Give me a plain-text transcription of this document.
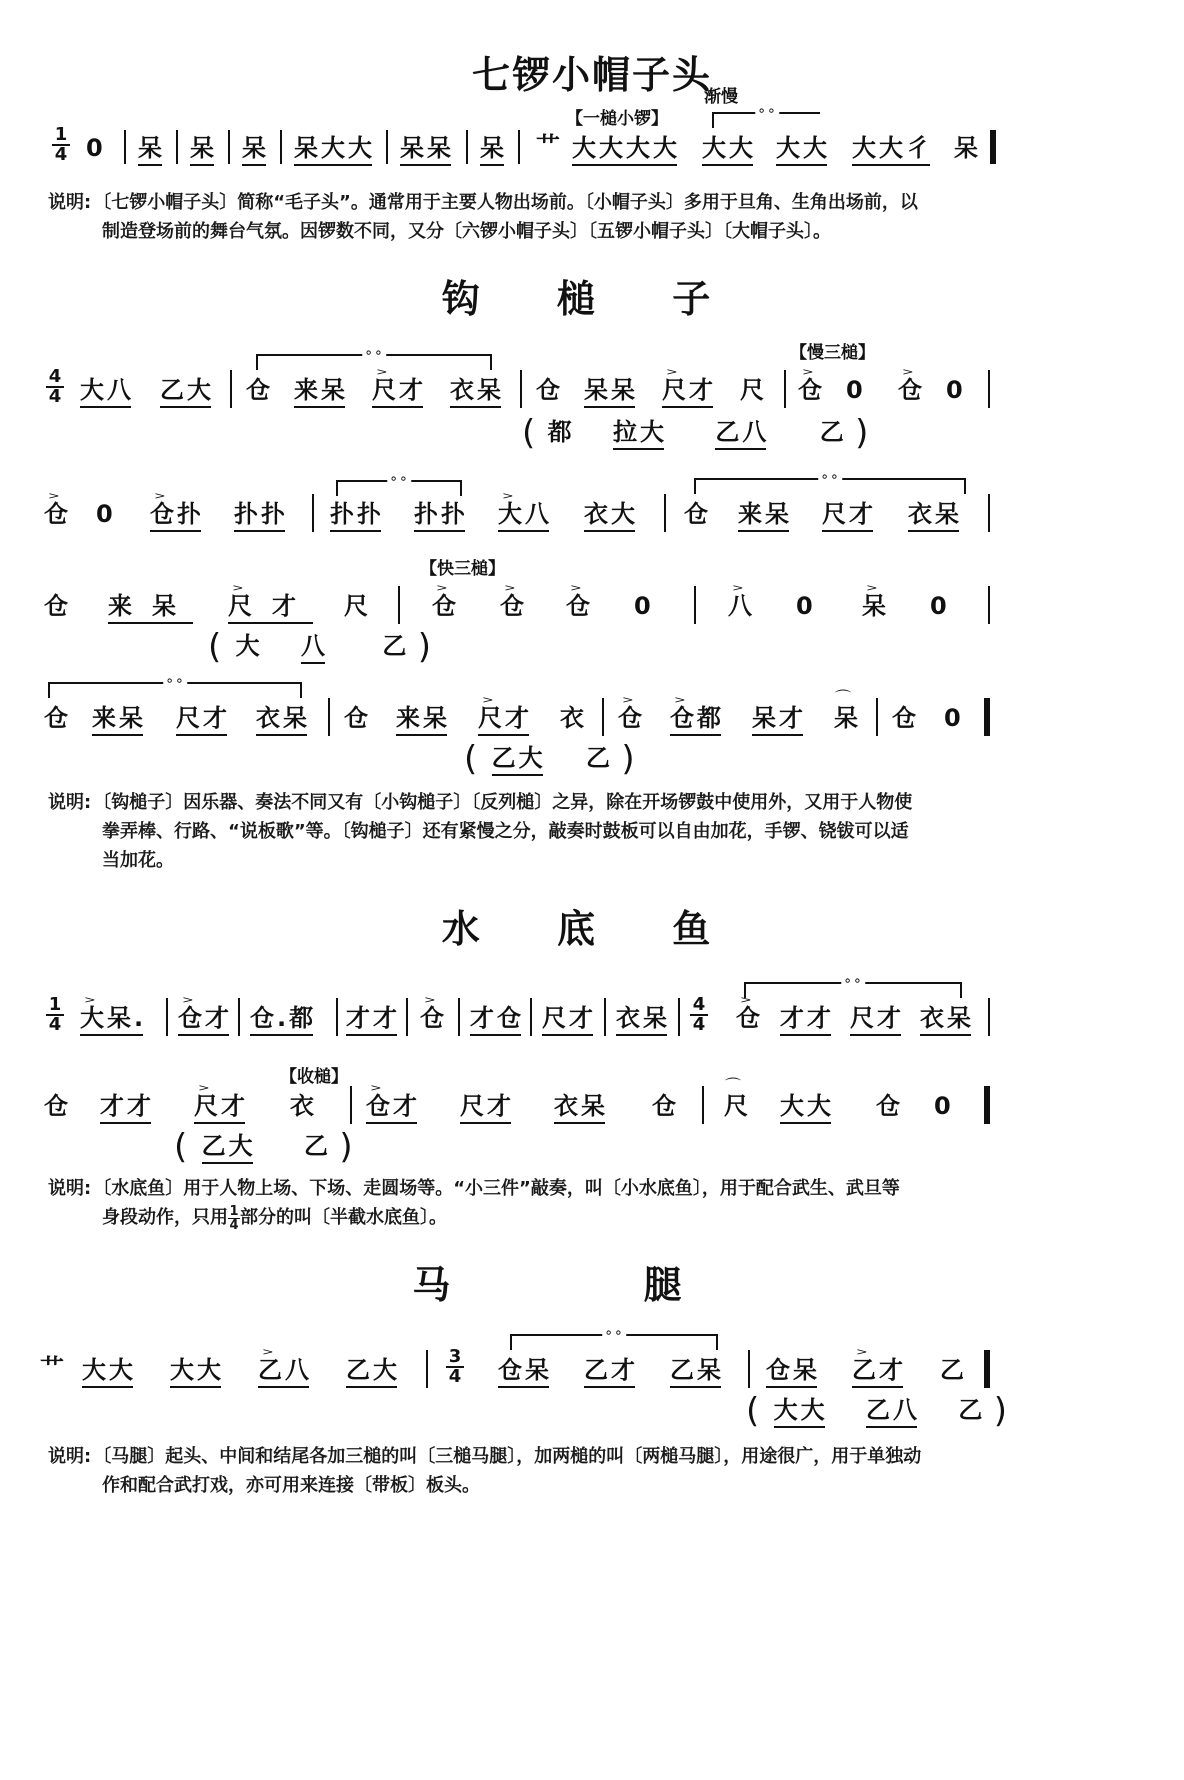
七锣小帽子头
$\frac{1}{4} 0$ 呆 呆 呆 呆大大 呆呆 呆 艹
【一槌小锣】
大大大大
渐慢
∘∘
大大 大大 大大彳 呆
说明: 〔七锣小帽子头〕简称“毛子头”。通常用于主要人物出场前。〔小帽子头〕多用于旦角、生角出场前，以
制造登场前的舞台气氛。因锣数不同，又分〔六锣小帽子头〕〔五锣小帽子头〕〔大帽子头〕。
钩 槌 子
$\frac{4}{4}$ 大八 乙大
∘∘
仓 来呆 > 尺才 衣呆 仓 呆呆 > 尺才 尺
【慢三槌】
> 仓 0 > 仓 0
( 都 拉大 乙八 乙 )
> 仓 0 > 仓扑 扑扑
∘∘
扑扑 扑扑 > 大八 衣大
∘∘
仓 来呆 尺才 衣呆
仓 来呆 > 尺才 尺
【快三槌】
> 仓 > 仓 > 仓 0	> 八 0 > 呆 0
( 大 八 乙 )
∘∘
仓 来呆 尺才 衣呆 仓 来呆 > 尺才 衣 > 仓 > 仓都 呆才 ⌒ 呆 仓 0
( 乙大 乙 )
说明: 〔钩槌子〕因乐器、奏法不同又有〔小钩槌子〕〔反列槌〕之异，除在开场锣鼓中使用外，又用于人物使
拳弄棒、行路、“说板歌”等。〔钩槌子〕还有紧慢之分，敲奏时鼓板可以自由加花，手锣、铙钹可以适
当加花。
水 底 鱼
$\frac{1}{4}$ > 大呆. > 仓才 仓.都 才才 > 仓 才仓 尺才 衣呆 $\frac{4}{4}$
∘∘
> 仓 才才 尺才 衣呆
仓 才才 > 尺才
【收槌】
衣 > 仓才 尺才 衣呆 仓 ⌒ 尺 大大 仓 0
( 乙大 乙 )
说明: 〔水底鱼〕用于人物上场、下场、走圆场等。“小三件”敲奏，叫〔小水底鱼〕，用于配合武生、武旦等
身段动作，只用 $\frac{1}{4}$ 部分的叫〔半截水底鱼〕。
马 腿
艹 大大 大大 > 乙八 乙大	$\frac{3}{4}$
∘∘
仓呆 乙才 乙呆 仓呆 > 乙才 乙
( 大大 乙八 乙 )
说明: 〔马腿〕起头、中间和结尾各加三槌的叫〔三槌马腿〕，加两槌的叫〔两槌马腿〕，用途很广，用于单独动
作和配合武打戏，亦可用来连接〔带板〕板头。
